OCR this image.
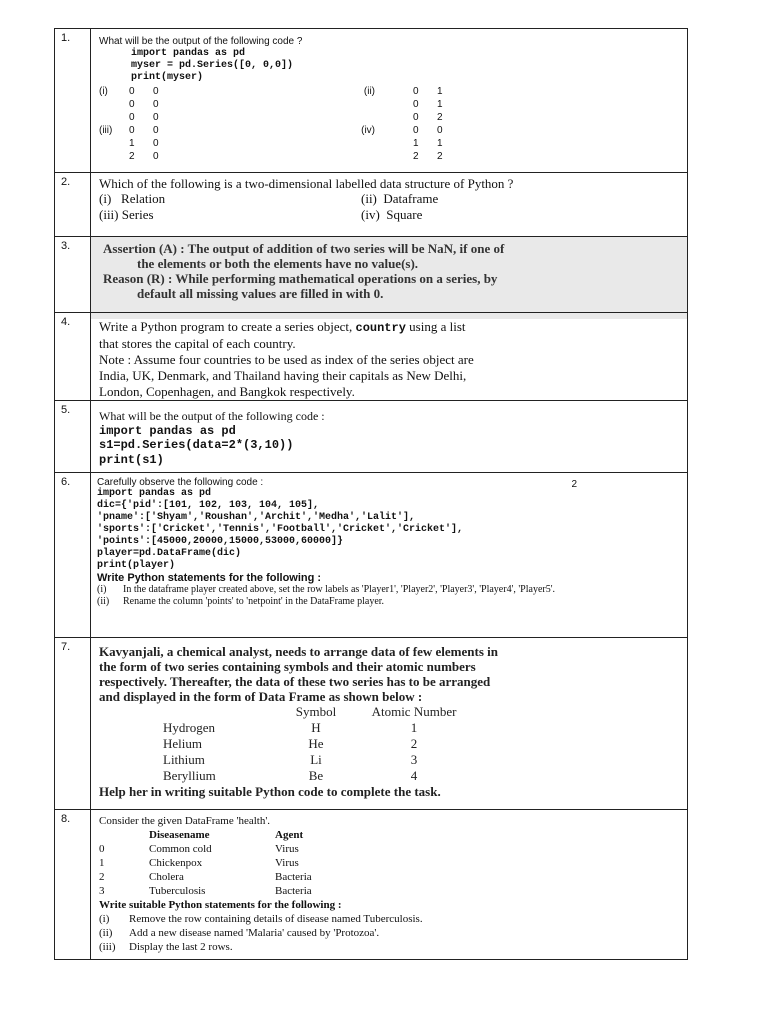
1.	What will be the output of the following code ?
import pandas as pd
myser = pd.Series([0, 0,0])
print(myser)
(i)	0	0	(ii)	0	1
0	0	0	1
0	0	0	2
(iii)	0	0	(iv)	0	0
1	0	1	1
2	0	2	2
2.	Which of the following is a two-dimensional labelled data structure of Python ?
(i) Relation	(ii) Dataframe
(iii) Series	(iv) Square
3.	Assertion (A) : The output of addition of two series will be NaN, if one of
the elements or both the elements have no value(s).
Reason (R) : While performing mathematical operations on a series, by
default all missing values are filled in with 0.
4.	Write a Python program to create a series object, country using a list
that stores the capital of each country.
Note : Assume four countries to be used as index of the series object are
India, UK, Denmark, and Thailand having their capitals as New Delhi,
London, Copenhagen, and Bangkok respectively.
5.	What will be the output of the following code :
import pandas as pd
s1=pd.Series(data=2*(3,10))
print(s1)
6.	2
Carefully observe the following code :
import pandas as pd
dic={'pid':[101, 102, 103, 104, 105],
'pname':['Shyam','Roushan','Archit','Medha','Lalit'],
'sports':['Cricket','Tennis','Football','Cricket','Cricket'],
'points':[45000,20000,15000,53000,60000]}
player=pd.DataFrame(dic)
print(player)
Write Python statements for the following :
(i)	In the dataframe player created above, set the row labels as 'Player1', 'Player2', 'Player3', 'Player4', 'Player5'.
(ii)	Rename the column 'points' to 'netpoint' in the DataFrame player.
7.	Kavyanjali, a chemical analyst, needs to arrange data of few elements in
the form of two series containing symbols and their atomic numbers
respectively. Thereafter, the data of these two series has to be arranged
and displayed in the form of Data Frame as shown below :
	Symbol	Atomic Number
Hydrogen	H	1
Helium	He	2
Lithium	Li	3
Beryllium	Be	4
Help her in writing suitable Python code to complete the task.
8.	Consider the given DataFrame 'health'.
	Diseasename	Agent
0	Common cold	Virus
1	Chickenpox	Virus
2	Cholera	Bacteria
3	Tuberculosis	Bacteria
Write suitable Python statements for the following :
(i)	Remove the row containing details of disease named Tuberculosis.
(ii)	Add a new disease named 'Malaria' caused by 'Protozoa'.
(iii)	Display the last 2 rows.
